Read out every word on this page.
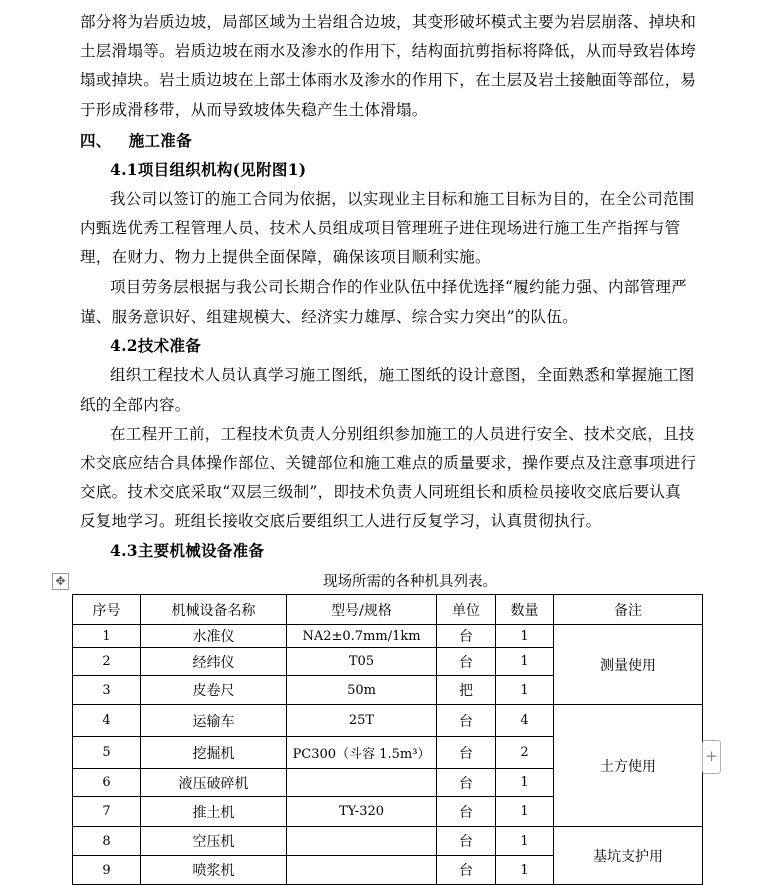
部分将为岩质边坡，局部区域为土岩组合边坡，其变形破坏模式主要为岩层崩落、掉块和
土层滑塌等。岩质边坡在雨水及渗水的作用下，结构面抗剪指标将降低，从而导致岩体垮
塌或掉块。岩土质边坡在上部土体雨水及渗水的作用下，在土层及岩土接触面等部位，易
于形成滑移带，从而导致坡体失稳产生土体滑塌。
四、   施工准备
4.1项目组织机构(见附图1)
我公司以签订的施工合同为依据，以实现业主目标和施工目标为目的，在全公司范围
内甄选优秀工程管理人员、技术人员组成项目管理班子进住现场进行施工生产指挥与管
理，在财力、物力上提供全面保障，确保该项目顺利实施。
项目劳务层根据与我公司长期合作的作业队伍中择优选择“履约能力强、内部管理严
谨、服务意识好、组建规模大、经济实力雄厚、综合实力突出”的队伍。
4.2技术准备
组织工程技术人员认真学习施工图纸，施工图纸的设计意图，全面熟悉和掌握施工图
纸的全部内容。
在工程开工前，工程技术负责人分别组织参加施工的人员进行安全、技术交底，且技
术交底应结合具体操作部位、关键部位和施工难点的质量要求，操作要点及注意事项进行
交底。技术交底采取“双层三级制”，即技术负责人同班组长和质检员接收交底后要认真
反复地学习。班组长接收交底后要组织工人进行反复学习，认真贯彻执行。
4.3主要机械设备准备
✥	现场所需的各种机具列表。
序号	机械设备名称	型号/规格	单位	数量	备注
1	水准仪	NA2±0.7mm/1km	台	1	测量使用
2	经纬仪	T05	台	1	
3	皮卷尺	50m	把	1	
4	运输车	25T	台	4	土方使用
5	挖掘机	PC300（斗容 1.5m³）	台	2	
6	液压破碎机		台	1	
7	推土机	TY-320	台	1	
8	空压机		台	1	基坑支护用
9	喷浆机		台	1	
+
